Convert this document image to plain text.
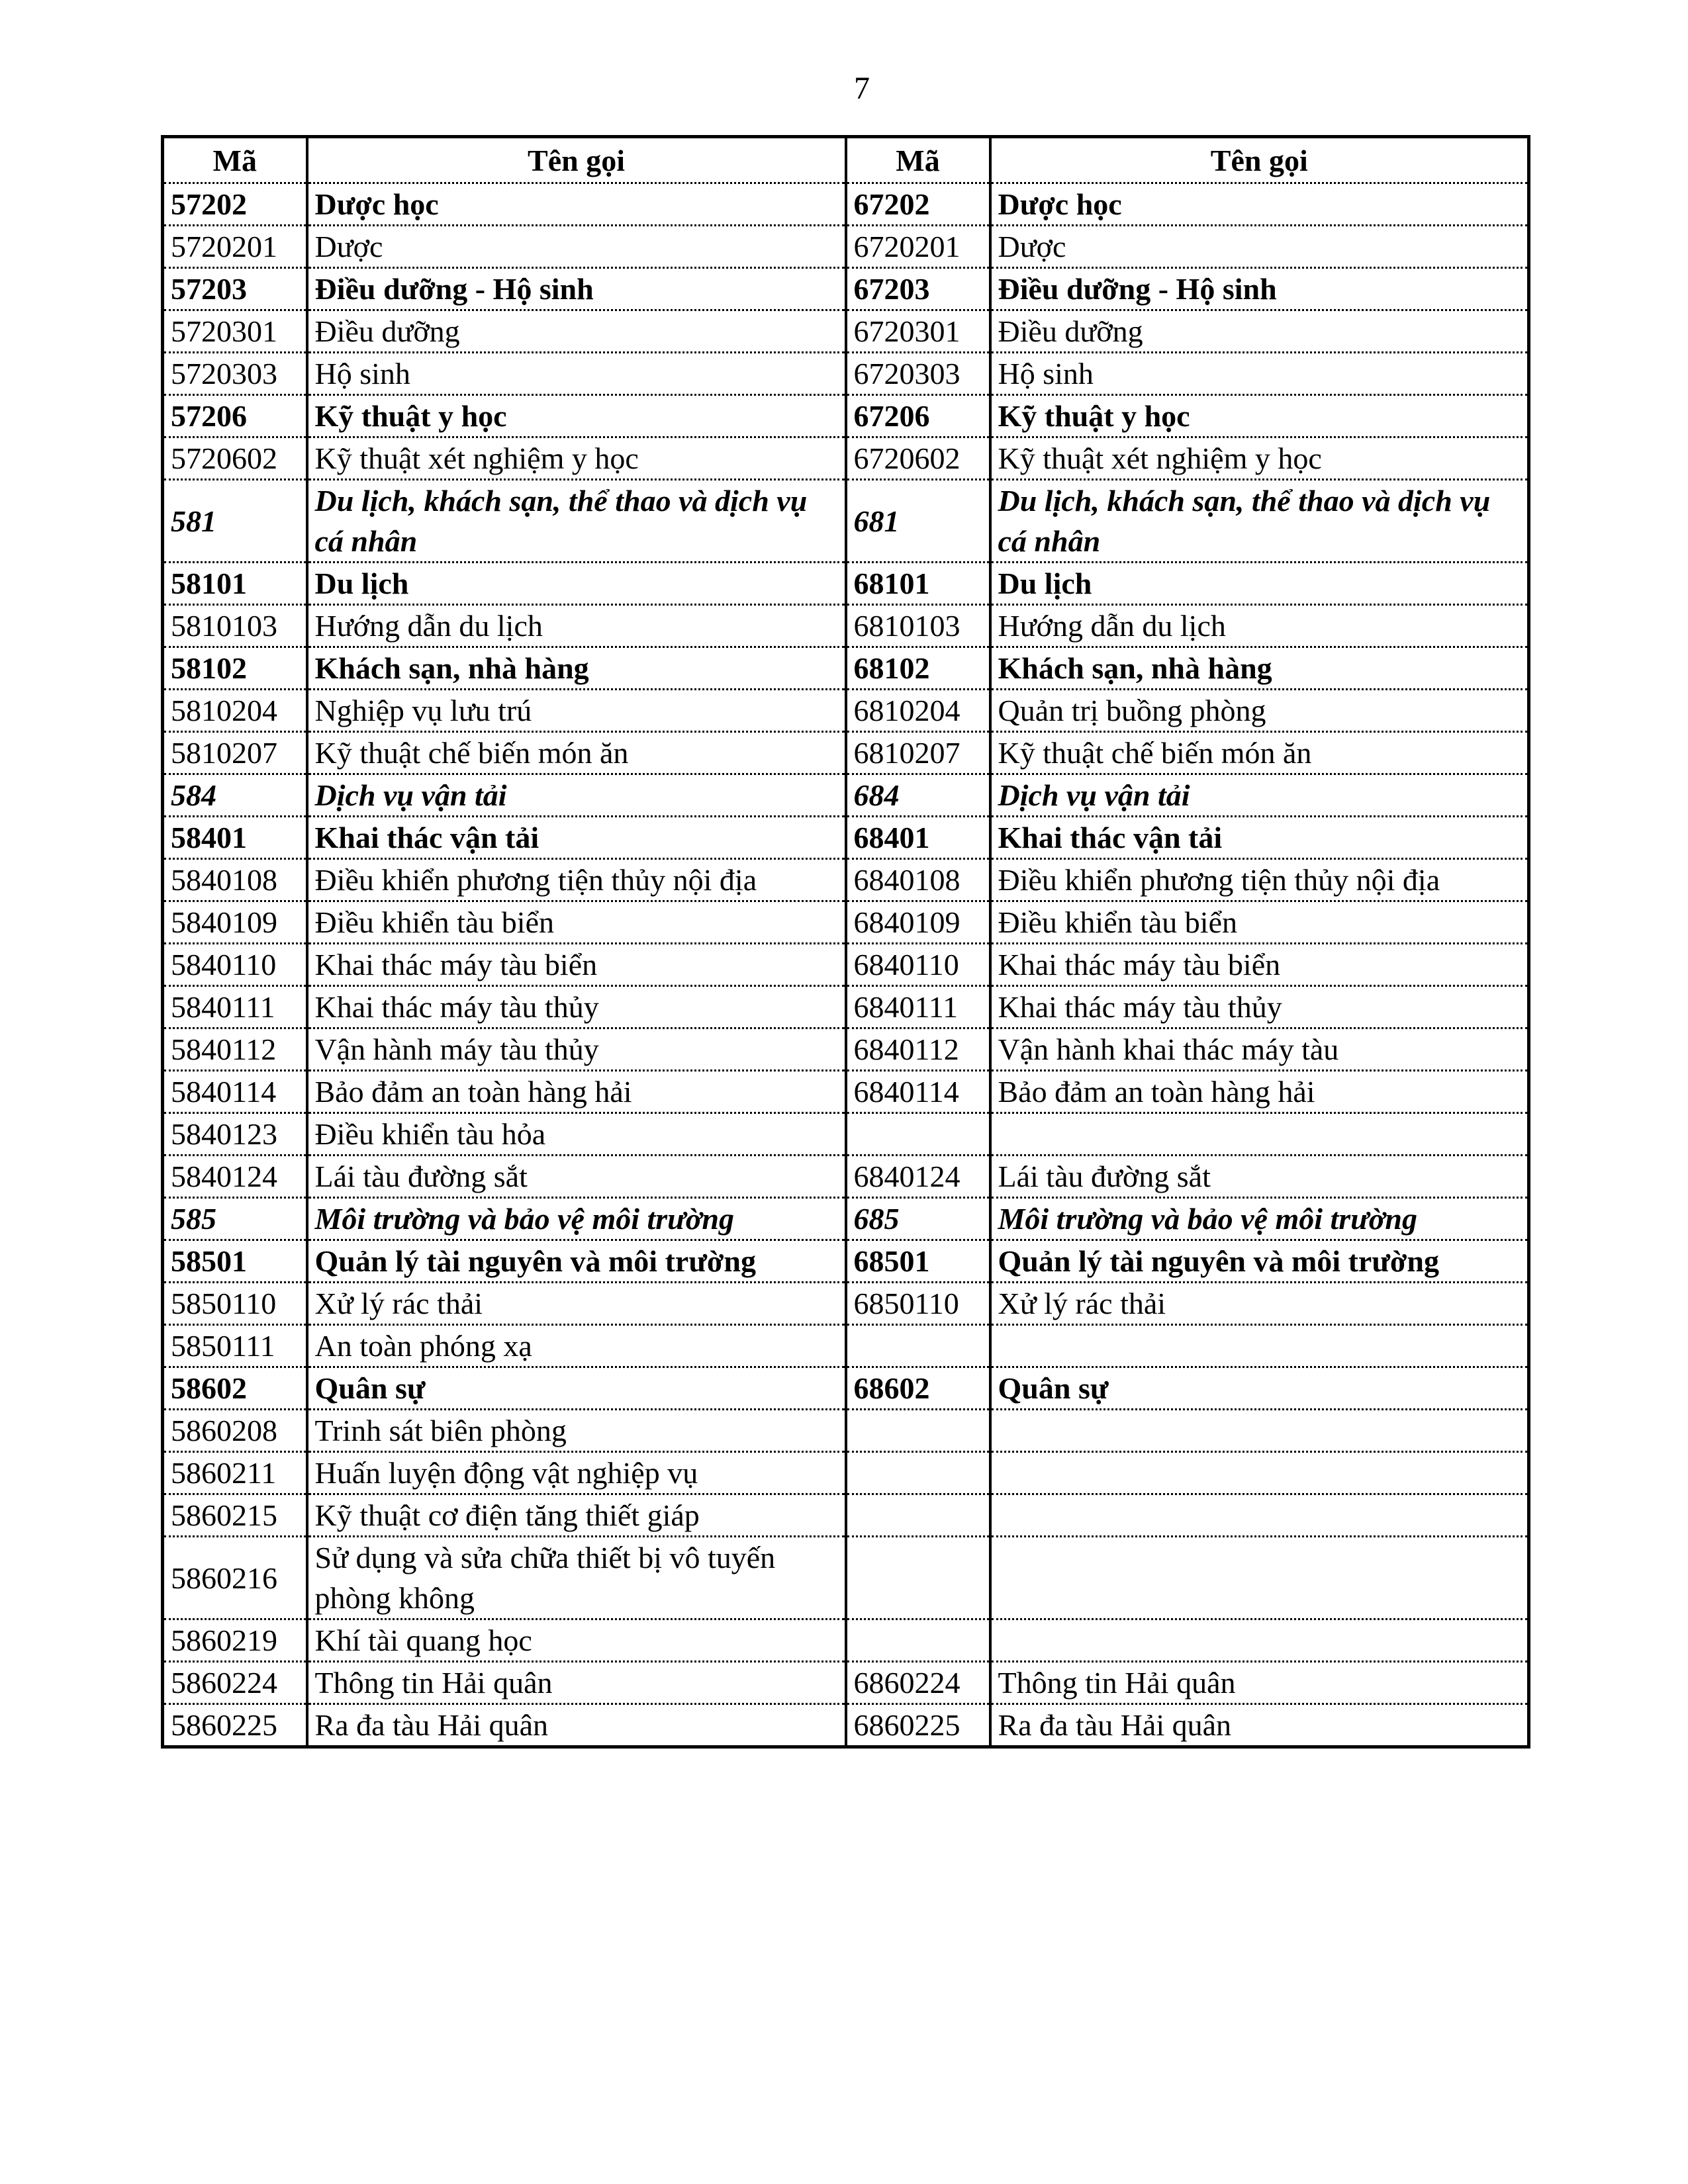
7
Mã	Tên gọi	Mã	Tên gọi
57202	Dược học	67202	Dược học
5720201	Dược	6720201	Dược
57203	Điều dưỡng - Hộ sinh	67203	Điều dưỡng - Hộ sinh
5720301	Điều dưỡng	6720301	Điều dưỡng
5720303	Hộ sinh	6720303	Hộ sinh
57206	Kỹ thuật y học	67206	Kỹ thuật y học
5720602	Kỹ thuật xét nghiệm y học	6720602	Kỹ thuật xét nghiệm y học
581	Du lịch, khách sạn, thể thao và dịch vụ cá nhân	681	Du lịch, khách sạn, thể thao và dịch vụ cá nhân
58101	Du lịch	68101	Du lịch
5810103	Hướng dẫn du lịch	6810103	Hướng dẫn du lịch
58102	Khách sạn, nhà hàng	68102	Khách sạn, nhà hàng
5810204	Nghiệp vụ lưu trú	6810204	Quản trị buồng phòng
5810207	Kỹ thuật chế biến món ăn	6810207	Kỹ thuật chế biến món ăn
584	Dịch vụ vận tải	684	Dịch vụ vận tải
58401	Khai thác vận tải	68401	Khai thác vận tải
5840108	Điều khiển phương tiện thủy nội địa	6840108	Điều khiển phương tiện thủy nội địa
5840109	Điều khiển tàu biển	6840109	Điều khiển tàu biển
5840110	Khai thác máy tàu biển	6840110	Khai thác máy tàu biển
5840111	Khai thác máy tàu thủy	6840111	Khai thác máy tàu thủy
5840112	Vận hành máy tàu thủy	6840112	Vận hành khai thác máy tàu
5840114	Bảo đảm an toàn hàng hải	6840114	Bảo đảm an toàn hàng hải
5840123	Điều khiển tàu hỏa		
5840124	Lái tàu đường sắt	6840124	Lái tàu đường sắt
585	Môi trường và bảo vệ môi trường	685	Môi trường và bảo vệ môi trường
58501	Quản lý tài nguyên và môi trường	68501	Quản lý tài nguyên và môi trường
5850110	Xử lý rác thải	6850110	Xử lý rác thải
5850111	An toàn phóng xạ		
58602	Quân sự	68602	Quân sự
5860208	Trinh sát biên phòng		
5860211	Huấn luyện động vật nghiệp vụ		
5860215	Kỹ thuật cơ điện tăng thiết giáp		
5860216	Sử dụng và sửa chữa thiết bị vô tuyến phòng không		
5860219	Khí tài quang học		
5860224	Thông tin Hải quân	6860224	Thông tin Hải quân
5860225	Ra đa tàu Hải quân	6860225	Ra đa tàu Hải quân
